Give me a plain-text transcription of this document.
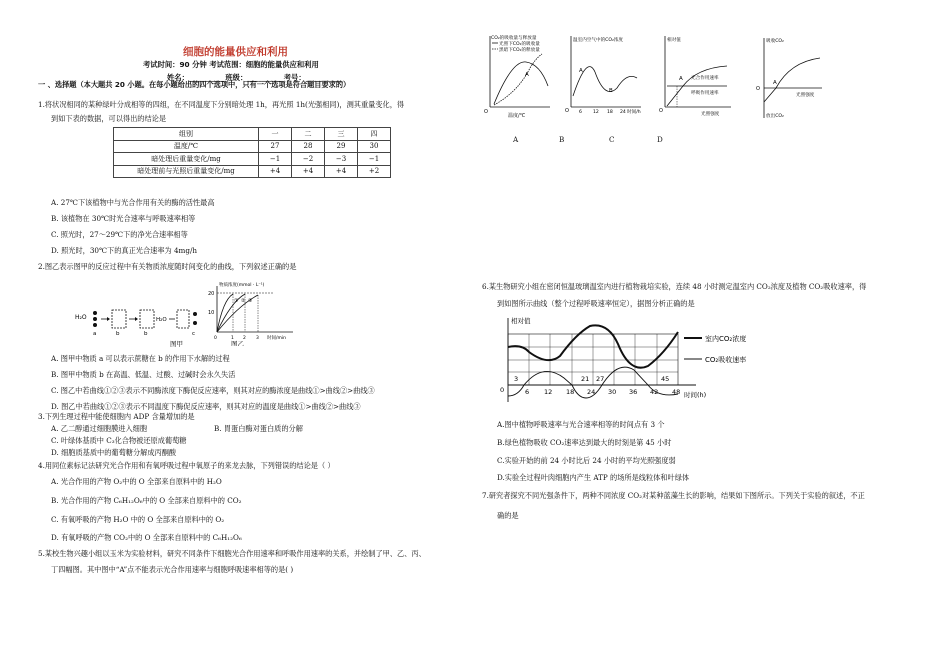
细胞的能量供应和利用
考试时间：90 分钟 考试范围：细胞的能量供应和利用
姓名：__________班级：__________考号：__________
一 、选择题（本大题共 20 小题。在每小题给出的四个选项中，只有一个选项是符合题目要求的）
1.将状况相同的某种绿叶分成相等的四组，在不同温度下分别暗处理 1h，再光照 1h(光强相同)，测其重量变化，得
到如下表的数据，可以得出的结论是
组别	一	二	三	四
温度/℃	27	28	29	30
暗处理后重量变化/mg	−1	−2	−3	−1
暗处理前与光照后重量变化/mg	+4	+4	+4	+2
A. 27℃下该植物中与光合作用有关的酶的活性最高
B. 该植物在 30℃时光合速率与呼吸速率相等
C. 照光时，27～29℃下的净光合速率相等
D. 照光时，30℃下的真正光合速率为 4mg/h
2.图乙表示图甲的反应过程中有关物质浓度随时间变化的曲线，下列叙述正确的是
H₂O
a	b	b
H₂O
c
图甲
物质浓度(mmol · L⁻¹)
20
10
① ② ③
0	1 2 3 时间/min
图乙
A. 图甲中物质 a 可以表示蔗糖在 b 的作用下水解的过程
B. 图甲中物质 b 在高温、低温、过酸、过碱时会永久失活
C. 图乙中若曲线①②③表示不同酶浓度下酶促反应速率，则其对应的酶浓度是曲线①>曲线②>曲线③
D. 图乙中若曲线①②③表示不同温度下酶促反应速率，则其对应的温度是曲线①>曲线②>曲线③
3.下列生理过程中能使细胞内 ADP 含量增加的是
A. 乙二醇通过细胞膜进入细胞	B. 胃蛋白酶对蛋白质的分解
C. 叶绿体基质中 C₃化合物被还原成葡萄糖
D. 细胞质基质中的葡萄糖分解成丙酮酸
4.用同位素标记法研究光合作用和有氧呼吸过程中氧原子的来龙去脉，下列错误的结论是（ ）
A. 光合作用的产物 O₂中的 O 全部来自原料中的 H₂O
B. 光合作用的产物 C₆H₁₂O₆中的 O 全部来自原料中的 CO₂
C. 有氧呼吸的产物 H₂O 中的 O 全部来自原料中的 O₂
D. 有氧呼吸的产物 CO₂中的 O 全部来自原料中的 C₆H₁₂O₆
5.某校生物兴趣小组以玉米为实验材料，研究不同条件下细胞光合作用速率和呼吸作用速率的关系，并绘制了甲、乙、丙、
丁四幅图。其中图中“A”点不能表示光合作用速率与细胞呼吸速率相等的是( )
CO₂的吸收量与释放量
光照下CO₂的吸收量
黑暗下CO₂的释放量
A
O
温度/℃
温室内空气中的CO₂浓度
A
B
O 6 12 18 24 时间/h
相对值
A 光合作用速率
呼吸作用速率
O
光照强度
吸收CO₂
放出CO₂
A
O
光照强度
A	B	C	D
6.某生物研究小组在密闭恒温玻璃温室内进行植物栽培实验，连续 48 小时测定温室内 CO₂浓度及植物 CO₂吸收速率，得
到如图所示曲线（整个过程呼吸速率恒定），据图分析正确的是
相对值
室内CO₂浓度
CO₂吸收速率
0
3	21 27	45
6 12 18 24 30 36 42 48 时间(h)
A.图中植物呼吸速率与光合速率相等的时间点有 3 个
B.绿色植物吸收 CO₂速率达到最大的时刻是第 45 小时
C.实验开始的前 24 小时比后 24 小时的平均光照强度弱
D.实验全过程叶肉细胞内产生 ATP 的场所是线粒体和叶绿体
7.研究者探究不同光强条件下，两种不同浓度 CO₂对某种蓝藻生长的影响，结果如下图所示。下列关于实验的叙述，不正
确的是
